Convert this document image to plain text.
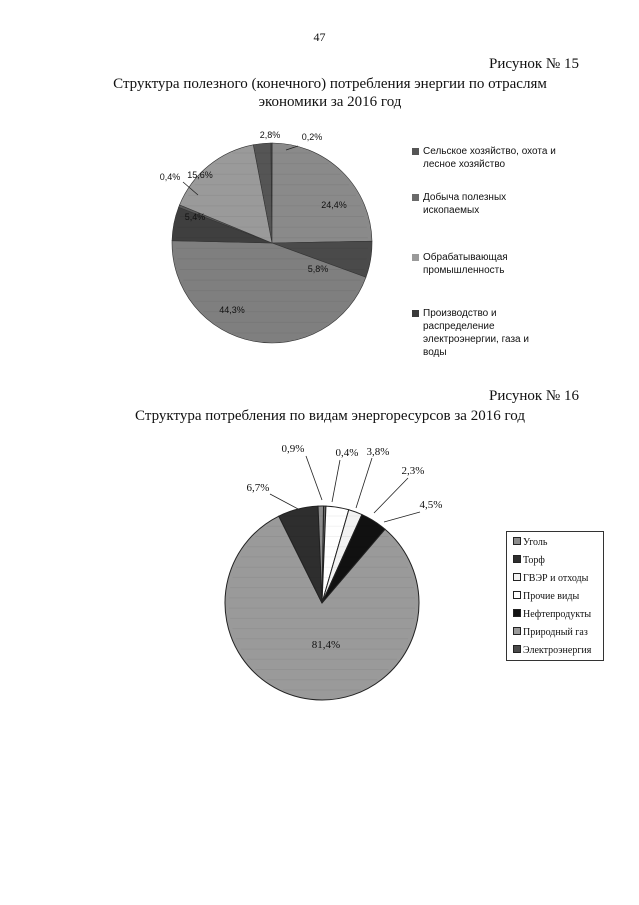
47
Рисунок № 15
Структура полезного (конечного) потребления энергии по отраслям
экономики за 2016 год
Рисунок № 16
Структура потребления по видам энергоресурсов за 2016 год
2,8% 0,2%
24,4%
5,8%
44,3%
5,4%
0,4% 15,6%
0,4% 3,8%
2,3%
4,5%
81,4%
6,7%
0,9%
Сельское хозяйство, охота и
лесное хозяйство
Добыча полезных
ископаемых
Обрабатывающая
промышленность
Производство и
распределение
электроэнергии, газа и
воды
Уголь
Торф
ГВЭР и отходы
Прочие виды
Нефтепродукты
Природный газ
Электроэнергия
